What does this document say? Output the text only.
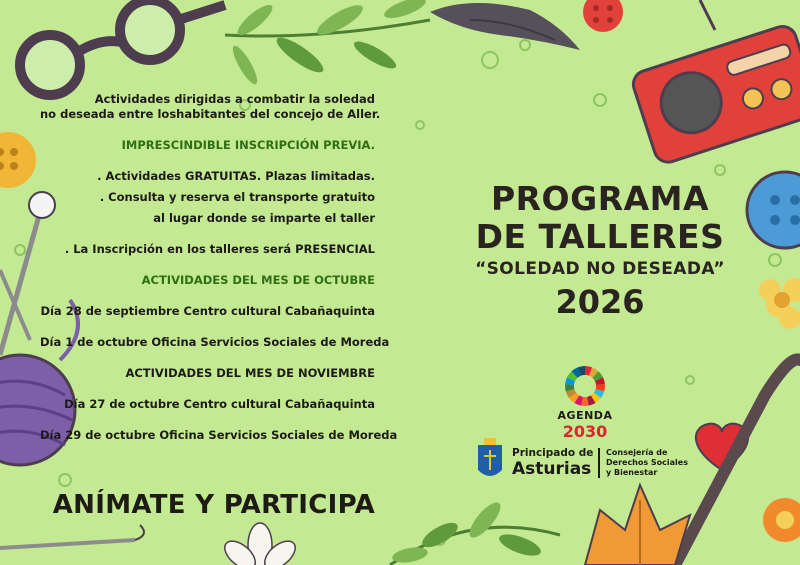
Actividades dirigidas a combatir la soledad
no deseada entre loshabitantes del concejo de Aller.
IMPRESCINDIBLE INSCRIPCIÓN PREVIA.
. Actividades GRATUITAS. Plazas limitadas.
. Consulta y reserva el transporte gratuito
al lugar donde se imparte el taller
. La Inscripción en los talleres será PRESENCIAL
ACTIVIDADES DEL MES DE OCTUBRE
Día 28 de septiembre Centro cultural Cabañaquinta
Día 1 de octubre Oficina Servicios Sociales de Moreda
ACTIVIDADES DEL MES DE NOVIEMBRE
Día 27 de octubre Centro cultural Cabañaquinta
Día 29 de octubre Oficina Servicios Sociales de Moreda
ANÍMATE Y PARTICIPA
PROGRAMA
DE TALLERES
“SOLEDAD NO DESEADA”
2026
AGENDA
2030
Principado de
Asturias
Consejería de
Derechos Sociales
y Bienestar
